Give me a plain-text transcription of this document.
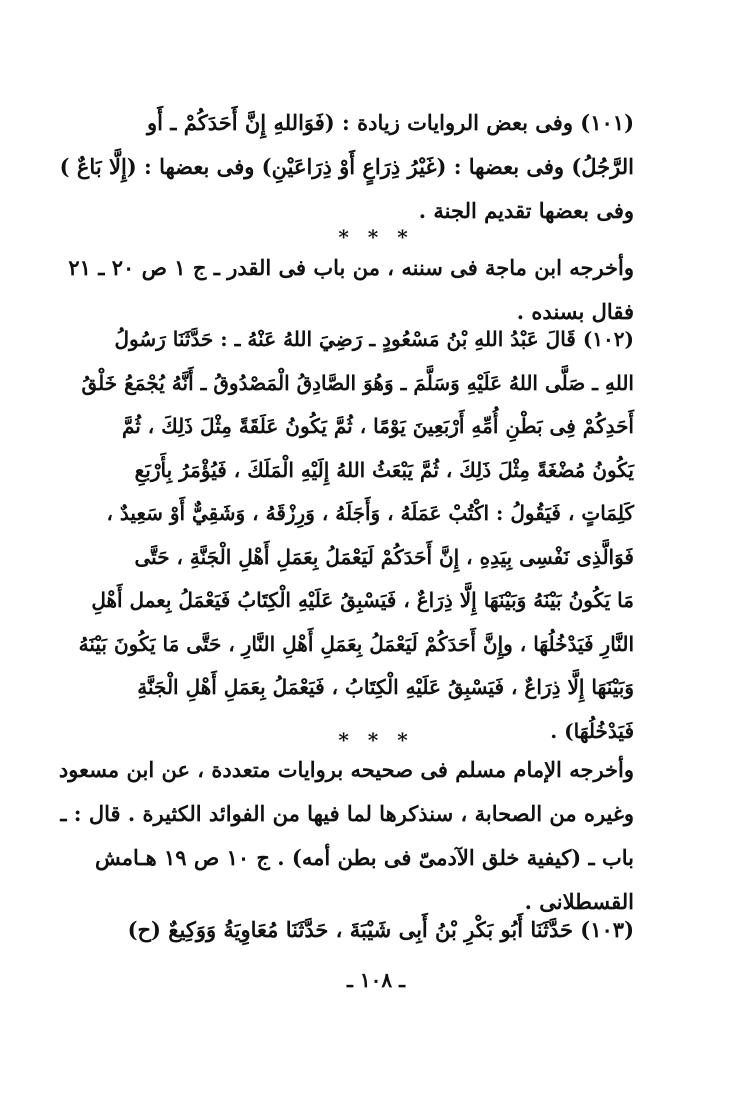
(١٠١) وفى بعض الروايات زيادة : (فَوَاللهِ إِنَّ أَحَدَكُمْ ـ أَو
الرَّجُلُ) وفى بعضها : (غَيْرُ ذِرَاعٍ أَوْ ذِرَاعَيْنِ) وفى بعضها : (إِلَّا بَاعٌ )
وفى بعضها تقديم الجنة .
* * *
وأخرجه ابن ماجة فى سننه ، من باب فى القدر ـ ج ١ ص ٢٠ ـ ٢١
فقال بسنده .
(١٠٢) قَالَ عَبْدُ اللهِ بْنُ مَسْعُودٍ ـ رَضِيَ اللهُ عَنْهُ ـ : حَدَّثَنَا رَسُولُ
اللهِ ـ صَلَّى اللهُ عَلَيْهِ وَسَلَّمَ ـ وَهُوَ الصَّادِقُ الْمَصْدُوقُ ـ أَنَّهُ يُجْمَعُ خَلْقُ
أَحَدِكُمْ فِى بَطْنِ أُمِّهِ أَرْبَعِينَ يَوْمًا ، ثُمَّ يَكُونُ عَلَقَةً مِثْلَ ذَلِكَ ، ثُمَّ
يَكُونُ مُضْغَةً مِثْلَ ذَلِكَ ، ثُمَّ يَبْعَثُ اللهُ إِلَيْهِ الْمَلَكَ ، فَيُؤْمَرُ بِأَرْبَعِ
كَلِمَاتٍ ، فَيَقُولُ : اكْتُبْ عَمَلَهُ ، وَأَجَلَهُ ، وَرِزْقَهُ ، وَشَقِيٌّ أَوْ سَعِيدٌ ،
فَوَالَّذِى نَفْسِى بِيَدِهِ ، إِنَّ أَحَدَكُمْ لَيَعْمَلُ بِعَمَلِ أَهْلِ الْجَنَّةِ ، حَتَّى
مَا يَكُونُ بَيْنَهُ وَبَيْنَهَا إِلَّا ذِرَاعٌ ، فَيَسْبِقُ عَلَيْهِ الْكِتَابُ فَيَعْمَلُ بِعمل أَهْلِ
النَّارِ فَيَدْخُلُهَا ، وإِنَّ أَحَدَكُمْ لَيَعْمَلُ بِعَمَلِ أَهْلِ النَّارِ ، حَتَّى مَا يَكُونَ بَيْنَهُ
وَبَيْنَهَا إِلَّا ذِرَاعٌ ، فَيَسْبِقُ عَلَيْهِ الْكِتَابُ ، فَيَعْمَلُ بِعَمَلِ أَهْلِ الْجَنَّةِ
فَيَدْخُلُهَا) .
* * *
وأخرجه الإمام مسلم فى صحيحه بروايات متعددة ، عن ابن مسعود
وغيره من الصحابة ، سنذكرها لما فيها من الفوائد الكثيرة . قال : ـ
باب ـ (كيفية خلق الآدمىّ فى بطن أمه) . ج ١٠ ص ١٩ هـامش
القسطلانى .
(١٠٣) حَدَّثَنَا أَبُو بَكْرِ بْنُ أَبِى شَيْبَةَ ، حَدَّثَنَا مُعَاوِيَةُ وَوَكِيعٌ (ح)
ـ ١٠٨ ـ
